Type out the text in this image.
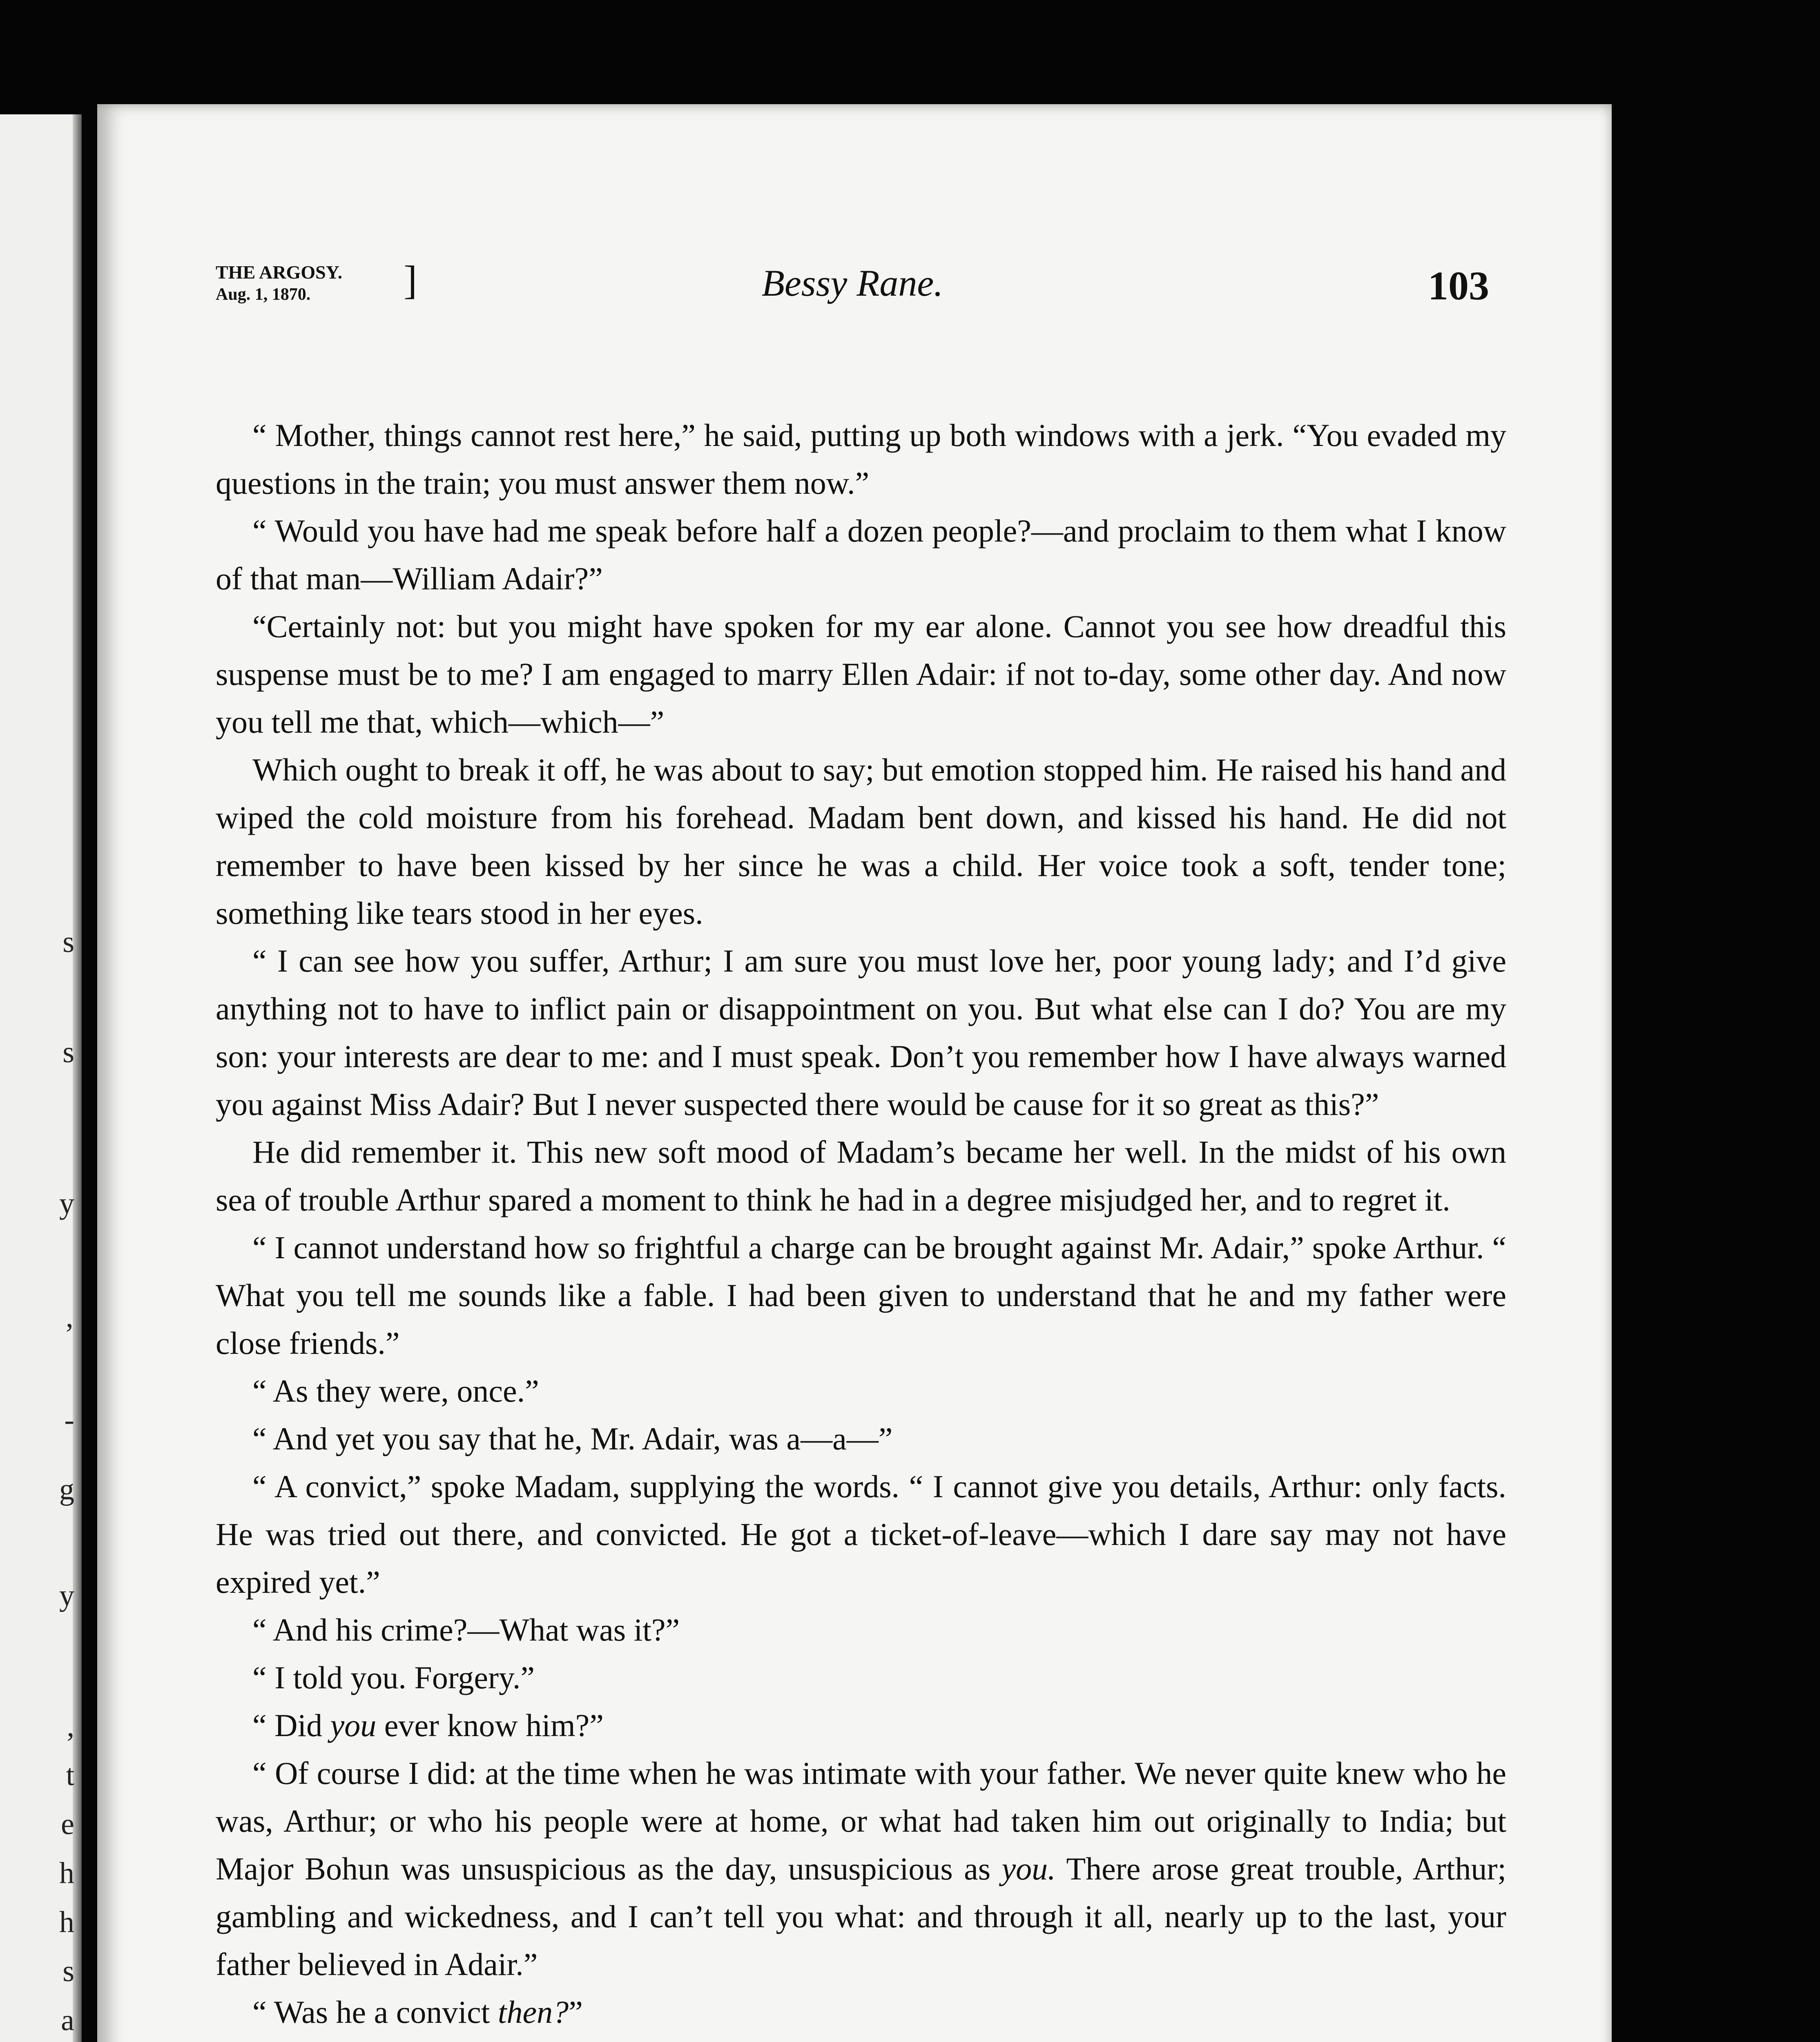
s
s
y
’
-
g
y
,
t
e
h
h
s
a
THE ARGOSY.
Aug. 1, 1870.	]	Bessy Rane.	103

“ Mother, things cannot rest here,” he said, putting up both windows with a jerk. “You evaded my questions in the train; you must answer them now.”

“ Would you have had me speak before half a dozen people?—and proclaim to them what I know of that man—William Adair?”

“Certainly not: but you might have spoken for my ear alone. Cannot you see how dreadful this suspense must be to me? I am engaged to marry Ellen Adair: if not to-day, some other day. And now you tell me that, which—which—”

Which ought to break it off, he was about to say; but emotion stopped him. He raised his hand and wiped the cold moisture from his forehead. Madam bent down, and kissed his hand. He did not remember to have been kissed by her since he was a child. Her voice took a soft, tender tone; something like tears stood in her eyes.

“ I can see how you suffer, Arthur; I am sure you must love her, poor young lady; and I’d give anything not to have to inflict pain or disappointment on you. But what else can I do? You are my son: your interests are dear to me: and I must speak. Don’t you remember how I have always warned you against Miss Adair? But I never suspected there would be cause for it so great as this?”

He did remember it. This new soft mood of Madam’s became her well. In the midst of his own sea of trouble Arthur spared a moment to think he had in a degree misjudged her, and to regret it.

“ I cannot understand how so frightful a charge can be brought against Mr. Adair,” spoke Arthur. “ What you tell me sounds like a fable. I had been given to understand that he and my father were close friends.”

“ As they were, once.”

“ And yet you say that he, Mr. Adair, was a—a—”

“ A convict,” spoke Madam, supplying the words. “ I cannot give you details, Arthur: only facts. He was tried out there, and convicted. He got a ticket-of-leave—which I dare say may not have expired yet.”

“ And his crime?—What was it?”

“ I told you. Forgery.”

“ Did you ever know him?”

“ Of course I did: at the time when he was intimate with your father. We never quite knew who he was, Arthur; or who his people were at home, or what had taken him out originally to India; but Major Bohun was unsuspicious as the day, unsuspicious as you. There arose great trouble, Arthur; gambling and wickedness, and I can’t tell you what: and through it all, nearly up to the last, your father believed in Adair.”

“ Was he a convict then?”
